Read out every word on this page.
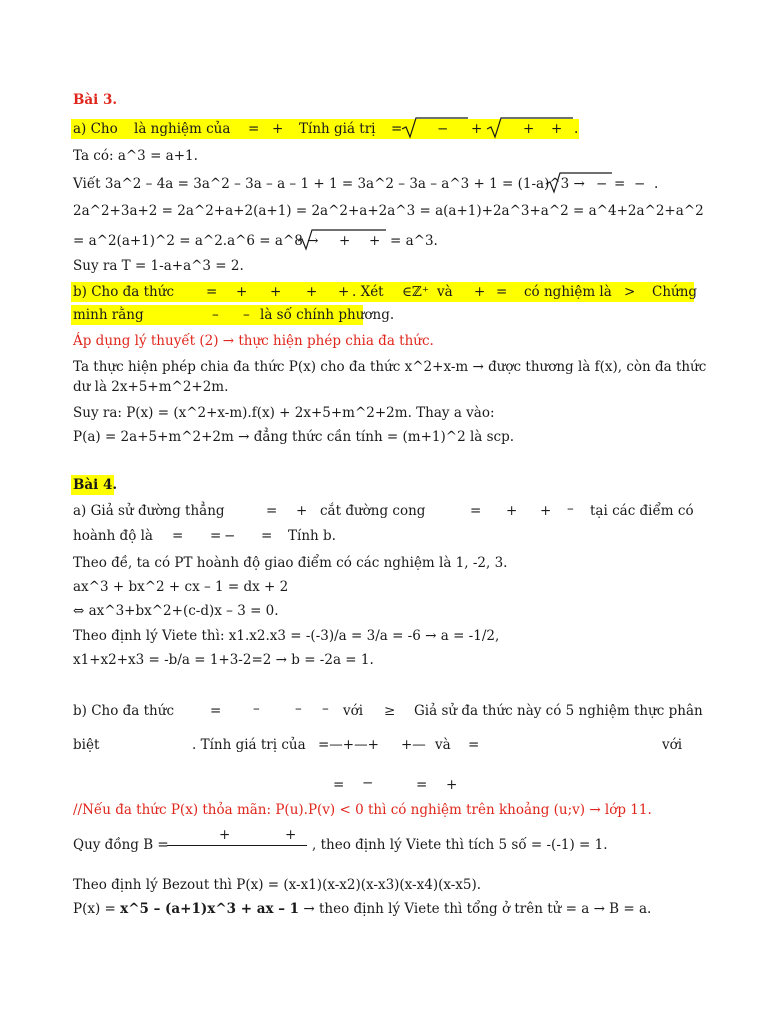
Bài 3.
a) Cho là nghiệm của = + Tính giá trị =	− +	+ + .
Ta có: a^3 = a+1.
Viết 3a^2 – 4a = 3a^2 – 3a – a – 1 + 1 = 3a^2 – 3a – a^3 + 1 = (1-a)^3 → − = − .
2a^2+3a+2 = 2a^2+a+2(a+1) = 2a^2+a+2a^3 = a(a+1)+2a^3+a^2 = a^4+2a^2+a^2
= a^2(a+1)^2 = a^2.a^6 = a^8 → + + = a^3.
Suy ra T = 1-a+a^3 = 2.
b) Cho đa thức = + + + + . Xét ∈ℤ⁺ và + = có nghiệm là > Chứng
minh rằng	– – là số chính phương.
Áp dụng lý thuyết (2) → thực hiện phép chia đa thức.
Ta thực hiện phép chia đa thức P(x) cho đa thức x^2+x-m → được thương là f(x), còn đa thức
dư là 2x+5+m^2+2m.
Suy ra: P(x) = (x^2+x-m).f(x) + 2x+5+m^2+2m. Thay a vào:
P(a) = 2a+5+m^2+2m → đẳng thức cần tính = (m+1)^2 là scp.
Bài 4.
a) Giả sử đường thẳng	= + cắt đường cong	= + + – tại các điểm có
hoành độ là = = − = Tính b.
Theo đề, ta có PT hoành độ giao điểm có các nghiệm là 1, -2, 3.
ax^3 + bx^2 + cx – 1 = dx + 2
⇔ ax^3+bx^2+(c-d)x – 3 = 0.
Theo định lý Viete thì: x1.x2.x3 = -(-3)/a = 3/a = -6 → a = -1/2,
x1+x2+x3 = -b/a = 1+3-2=2 → b = -2a = 1.
b) Cho đa thức	= –	– – với ≥ Giả sử đa thức này có 5 nghiệm thực phân
biệt	. Tính giá trị của =—+—+ +— và =	với
= −	= +
//Nếu đa thức P(x) thỏa mãn: P(u).P(v) < 0 thì có nghiệm trên khoảng (u;v) → lớp 11.
Quy đồng B =
+	+
, theo định lý Viete thì tích 5 số = -(-1) = 1.
Theo định lý Bezout thì P(x) = (x-x1)(x-x2)(x-x3)(x-x4)(x-x5).
P(x) = x^5 – (a+1)x^3 + ax – 1 → theo định lý Viete thì tổng ở trên tử = a → B = a.
